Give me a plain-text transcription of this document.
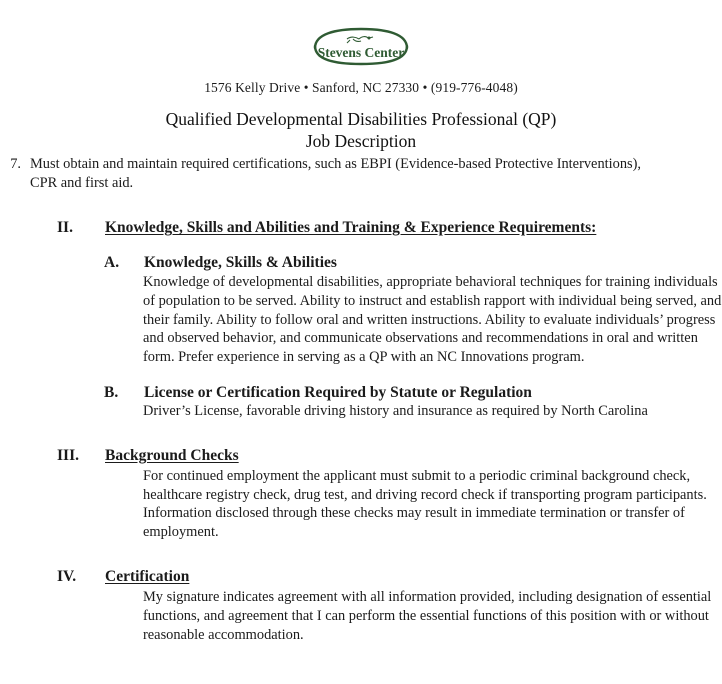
Stevens Center
1576 Kelly Drive • Sanford, NC 27330 • (919-776-4048)
Qualified Developmental Disabilities Professional (QP)
Job Description
7. Must obtain and maintain required certifications, such as EBPI (Evidence-based Protective Interventions), CPR and first aid.
II.	Knowledge, Skills and Abilities and Training & Experience Requirements:
A.	Knowledge, Skills & Abilities

Knowledge of developmental disabilities, appropriate behavioral techniques for training individuals of population to be served. Ability to instruct and establish rapport with individual being served, and their family. Ability to follow oral and written instructions. Ability to evaluate individuals’ progress and observed behavior, and communicate observations and recommendations in oral and written form. Prefer experience in serving as a QP with an NC Innovations program.

B.	License or Certification Required by Statute or Regulation

Driver’s License, favorable driving history and insurance as required by North Carolina

III.	Background Checks

For continued employment the applicant must submit to a periodic criminal background check, healthcare registry check, drug test, and driving record check if transporting program participants. Information disclosed through these checks may result in immediate termination or transfer of employment.

IV.	Certification

My signature indicates agreement with all information provided, including designation of essential functions, and agreement that I can perform the essential functions of this position with or without reasonable accommodation.
